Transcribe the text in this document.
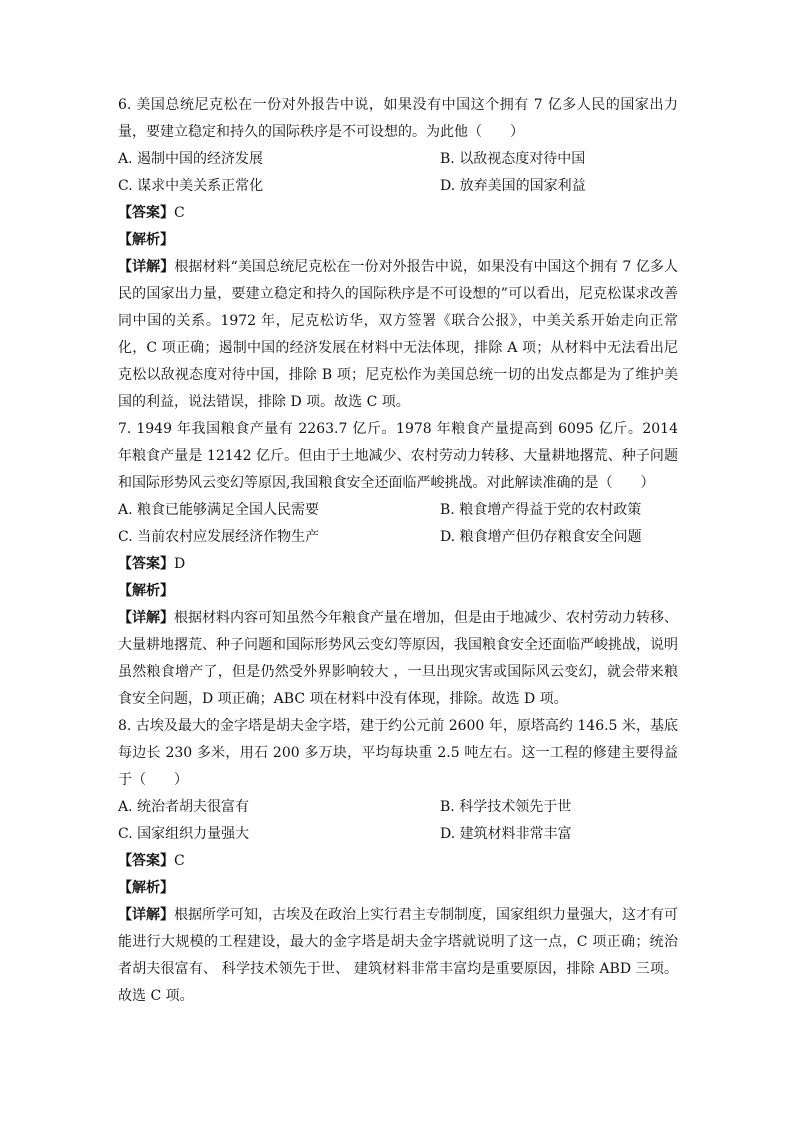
6. 美国总统尼克松在一份对外报告中说，如果没有中国这个拥有 7 亿多人民的国家出力量，要建立稳定和持久的国际秩序是不可设想的。为此他（　　）

A. 遏制中国的经济发展	B. 以敌视态度对待中国
C. 谋求中美关系正常化	D. 放弃美国的国家利益

【答案】C

【解析】

【详解】根据材料“美国总统尼克松在一份对外报告中说，如果没有中国这个拥有 7 亿多人民的国家出力量，要建立稳定和持久的国际秩序是不可设想的”可以看出，尼克松谋求改善同中国的关系。1972 年，尼克松访华，双方签署《联合公报》，中美关系开始走向正常化，C 项正确；遏制中国的经济发展在材料中无法体现，排除 A 项；从材料中无法看出尼克松以敌视态度对待中国，排除 B 项；尼克松作为美国总统一切的出发点都是为了维护美国的利益，说法错误，排除 D 项。故选 C 项。

7. 1949 年我国粮食产量有 2263.7 亿斤。1978 年粮食产量提高到 6095 亿斤。2014 年粮食产量是 12142 亿斤。但由于土地减少、农村劳动力转移、大量耕地撂荒、种子问题和国际形势风云变幻等原因,我国粮食安全还面临严峻挑战。对此解读准确的是（　　）

A. 粮食已能够满足全国人民需要	B. 粮食增产得益于党的农村政策
C. 当前农村应发展经济作物生产	D. 粮食增产但仍存粮食安全问题

【答案】D

【解析】

【详解】根据材料内容可知虽然今年粮食产量在增加，但是由于地减少、农村劳动力转移、大量耕地撂荒、种子问题和国际形势风云变幻等原因，我国粮食安全还面临严峻挑战，说明虽然粮食增产了，但是仍然受外界影响较大 ，一旦出现灾害或国际风云变幻，就会带来粮食安全问题，D 项正确；ABC 项在材料中没有体现，排除。故选 D 项。

8. 古埃及最大的金字塔是胡夫金字塔，建于约公元前 2600 年，原塔高约 146.5 米，基底每边长 230 多米，用石 200 多万块，平均每块重 2.5 吨左右。这一工程的修建主要得益于（　　）

A. 统治者胡夫很富有	B. 科学技术领先于世
C. 国家组织力量强大	D. 建筑材料非常丰富

【答案】C

【解析】

【详解】根据所学可知，古埃及在政治上实行君主专制制度，国家组织力量强大，这才有可能进行大规模的工程建设，最大的金字塔是胡夫金字塔就说明了这一点，C 项正确；统治者胡夫很富有、 科学技术领先于世、 建筑材料非常丰富均是重要原因，排除 ABD 三项。故选 C 项。
